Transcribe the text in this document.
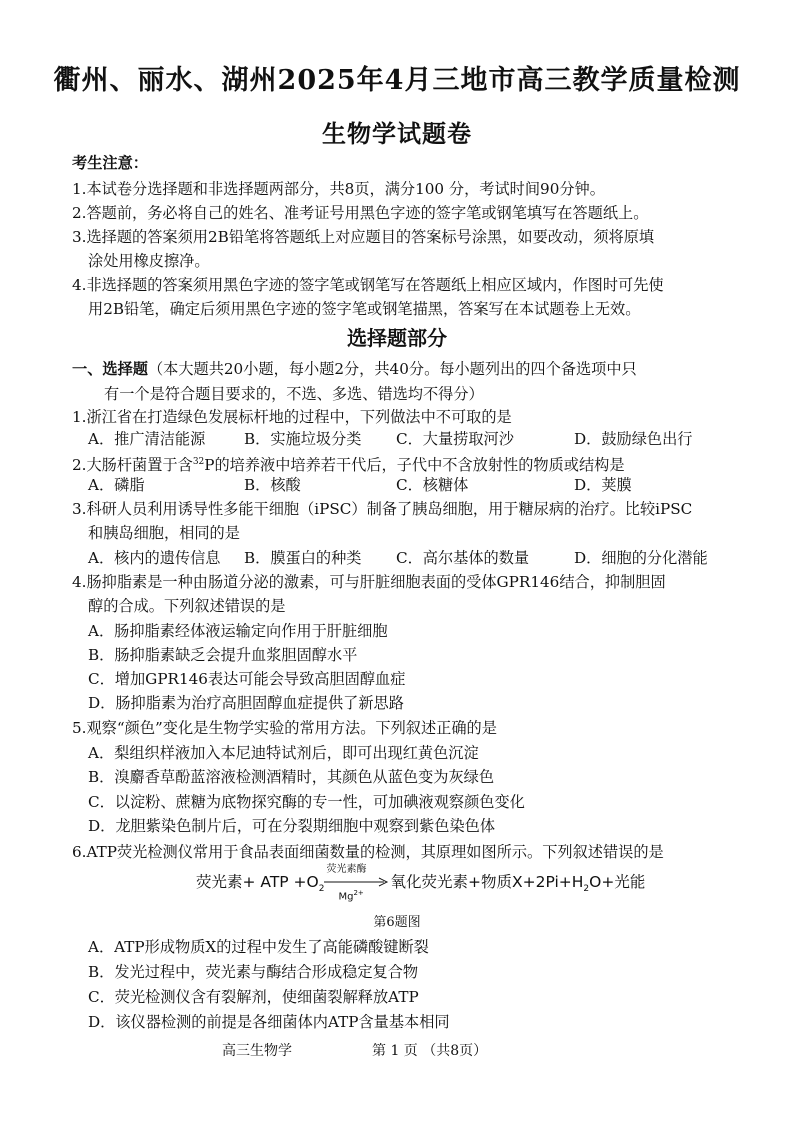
衢州、丽水、湖州2025年4月三地市高三教学质量检测
生物学试题卷
考生注意：
1.本试卷分选择题和非选择题两部分，共8页，满分100 分，考试时间90分钟。
2.答题前，务必将自己的姓名、准考证号用黑色字迹的签字笔或钢笔填写在答题纸上。
3.选择题的答案须用2B铅笔将答题纸上对应题目的答案标号涂黑，如要改动，须将原填
涂处用橡皮擦净。
4.非选择题的答案须用黑色字迹的签字笔或钢笔写在答题纸上相应区域内，作图时可先使
用2B铅笔，确定后须用黑色字迹的签字笔或钢笔描黑，答案写在本试题卷上无效。
选择题部分
一、选择题（本大题共20小题，每小题2分，共40分。每小题列出的四个备选项中只
有一个是符合题目要求的，不选、多选、错选均不得分）
1.浙江省在打造绿色发展标杆地的过程中，下列做法中不可取的是
A．推广清洁能源	B．实施垃圾分类 C．大量捞取河沙	D．鼓励绿色出行
2.大肠杆菌置于含$^{32}$P的培养液中培养若干代后，子代中不含放射性的物质或结构是
A．磷脂	B．核酸	C．核糖体	D．荚膜
3.科研人员利用诱导性多能干细胞（iPSC）制备了胰岛细胞，用于糖尿病的治疗。比较iPSC
和胰岛细胞，相同的是
A．核内的遗传信息 B．膜蛋白的种类 C．高尔基体的数量	D．细胞的分化潜能
4.肠抑脂素是一种由肠道分泌的激素，可与肝脏细胞表面的受体GPR146结合，抑制胆固
醇的合成。下列叙述错误的是
A．肠抑脂素经体液运输定向作用于肝脏细胞
B．肠抑脂素缺乏会提升血浆胆固醇水平
C．增加GPR146表达可能会导致高胆固醇血症
D．肠抑脂素为治疗高胆固醇血症提供了新思路
5.观察“颜色”变化是生物学实验的常用方法。下列叙述正确的是
A．梨组织样液加入本尼迪特试剂后，即可出现红黄色沉淀
B．溴麝香草酚蓝溶液检测酒精时，其颜色从蓝色变为灰绿色
C．以淀粉、蔗糖为底物探究酶的专一性，可加碘液观察颜色变化
D．龙胆紫染色制片后，可在分裂期细胞中观察到紫色染色体
6.ATP荧光检测仪常用于食品表面细菌数量的检测，其原理如图所示。下列叙述错误的是
荧光素+ ATP $+O_2$
荧光素酶
$Mg^{2+}$
氧化荧光素+物质$X+2Pi+H_2O+$光能
第6题图
A．ATP形成物质X的过程中发生了高能磷酸键断裂
B．发光过程中，荧光素与酶结合形成稳定复合物
C．荧光检测仪含有裂解剂，使细菌裂解释放ATP
D．该仪器检测的前提是各细菌体内ATP含量基本相同
高三生物学	第 1 页 （共8页）
